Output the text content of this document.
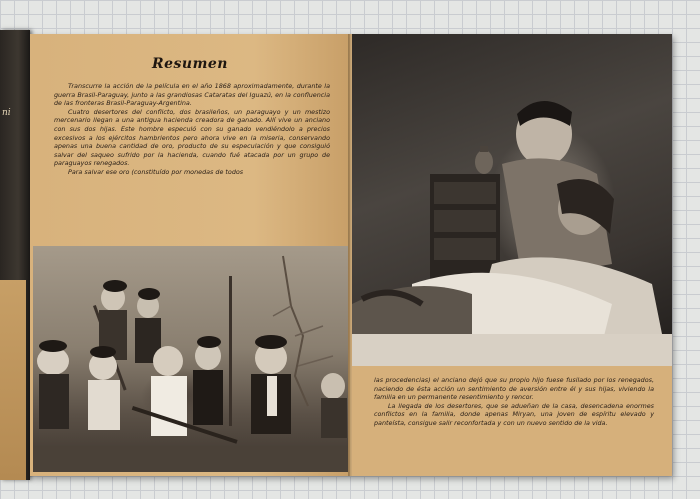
ni
Resumen

Transcurre la acción de la película en el año 1868 aproximadamente, durante la guerra Brasil-Paraguay, junto a las grandiosas Cataratas del Iguazú, en la confluencia de las fronteras Brasil-Paraguay-Argentina.

Cuatro desertores del conflicto, dos brasileños, un paraguayo y un mestizo mercenario llegan a una antigua hacienda creadora de ganado. Allí vive un anciano con sus dos hijas. Este hombre especuló con su ganado vendiéndolo a precios excesivos a los ejércitos hambrientos pero ahora vive en la miseria, conservando apenas una buena cantidad de oro, producto de su especulación y que consiguió salvar del saqueo sufrido por la hacienda, cuando fué atacada por un grupo de paraguayos renegados.

Para salvar ese oro (constituído por monedas de todos

las procedencias) el anciano dejó que su propio hijo fuese fusilado por los renegados, naciendo de ésta acción un sentimiento de aversión entre él y sus hijas, viviendo la familia en un permanente resentimiento y rencor.

La llegada de los desertores, que se adueñan de la casa, desencadena enormes conflictos en la familia, donde apenas Miryan, una joven de espíritu elevado y panteísta, consigue salir reconfortada y con un nuevo sentido de la vida.
